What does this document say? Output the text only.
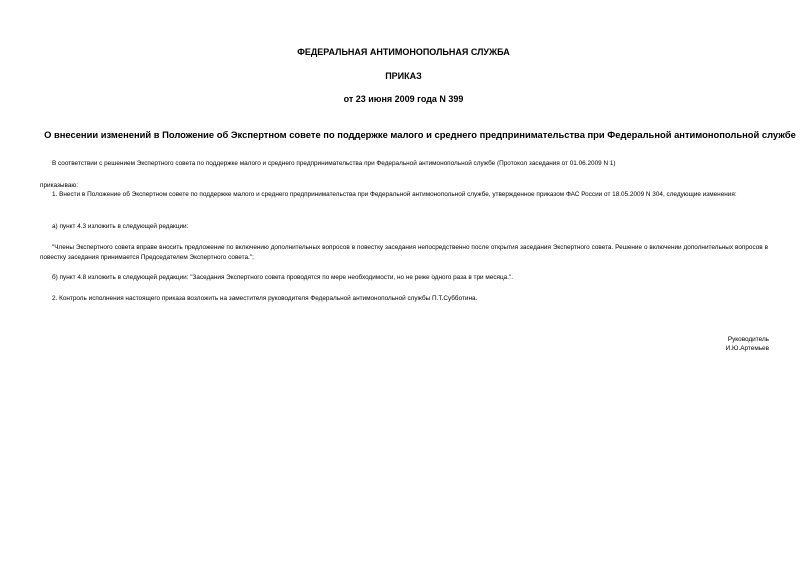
ФЕДЕРАЛЬНАЯ АНТИМОНОПОЛЬНАЯ СЛУЖБА
ПРИКАЗ
от 23 июня 2009 года N 399
О внесении изменений в Положение об Экспертном совете по поддержке малого и среднего предпринимательства при Федеральной антимонопольной службе
В соответствии с решением Экспертного совета по поддержке малого и среднего предпринимательства при Федеральной антимонопольной службе (Протокол заседания от 01.06.2009 N 1)
приказываю:
1. Внести в Положение об Экспертном совете по поддержке малого и среднего предпринимательства при Федеральной антимонопольной службе, утвержденное приказом ФАС России от 18.05.2009 N 304, следующие изменения:
а) пункт 4.3 изложить в следующей редакции:
"Члены Экспертного совета вправе вносить предложение по включению дополнительных вопросов в повестку заседания непосредственно после открытия заседания Экспертного совета. Решение о включении дополнительных вопросов в повестку заседания принимается Председателем Экспертного совета.";
б) пункт 4.8 изложить в следующей редакции: "Заседания Экспертного совета проводятся по мере необходимости, но не реже одного раза в три месяца.".
2. Контроль исполнения настоящего приказа возложить на заместителя руководителя Федеральной антимонопольной службы П.Т.Субботина.
Руководитель
И.Ю.Артемьев
